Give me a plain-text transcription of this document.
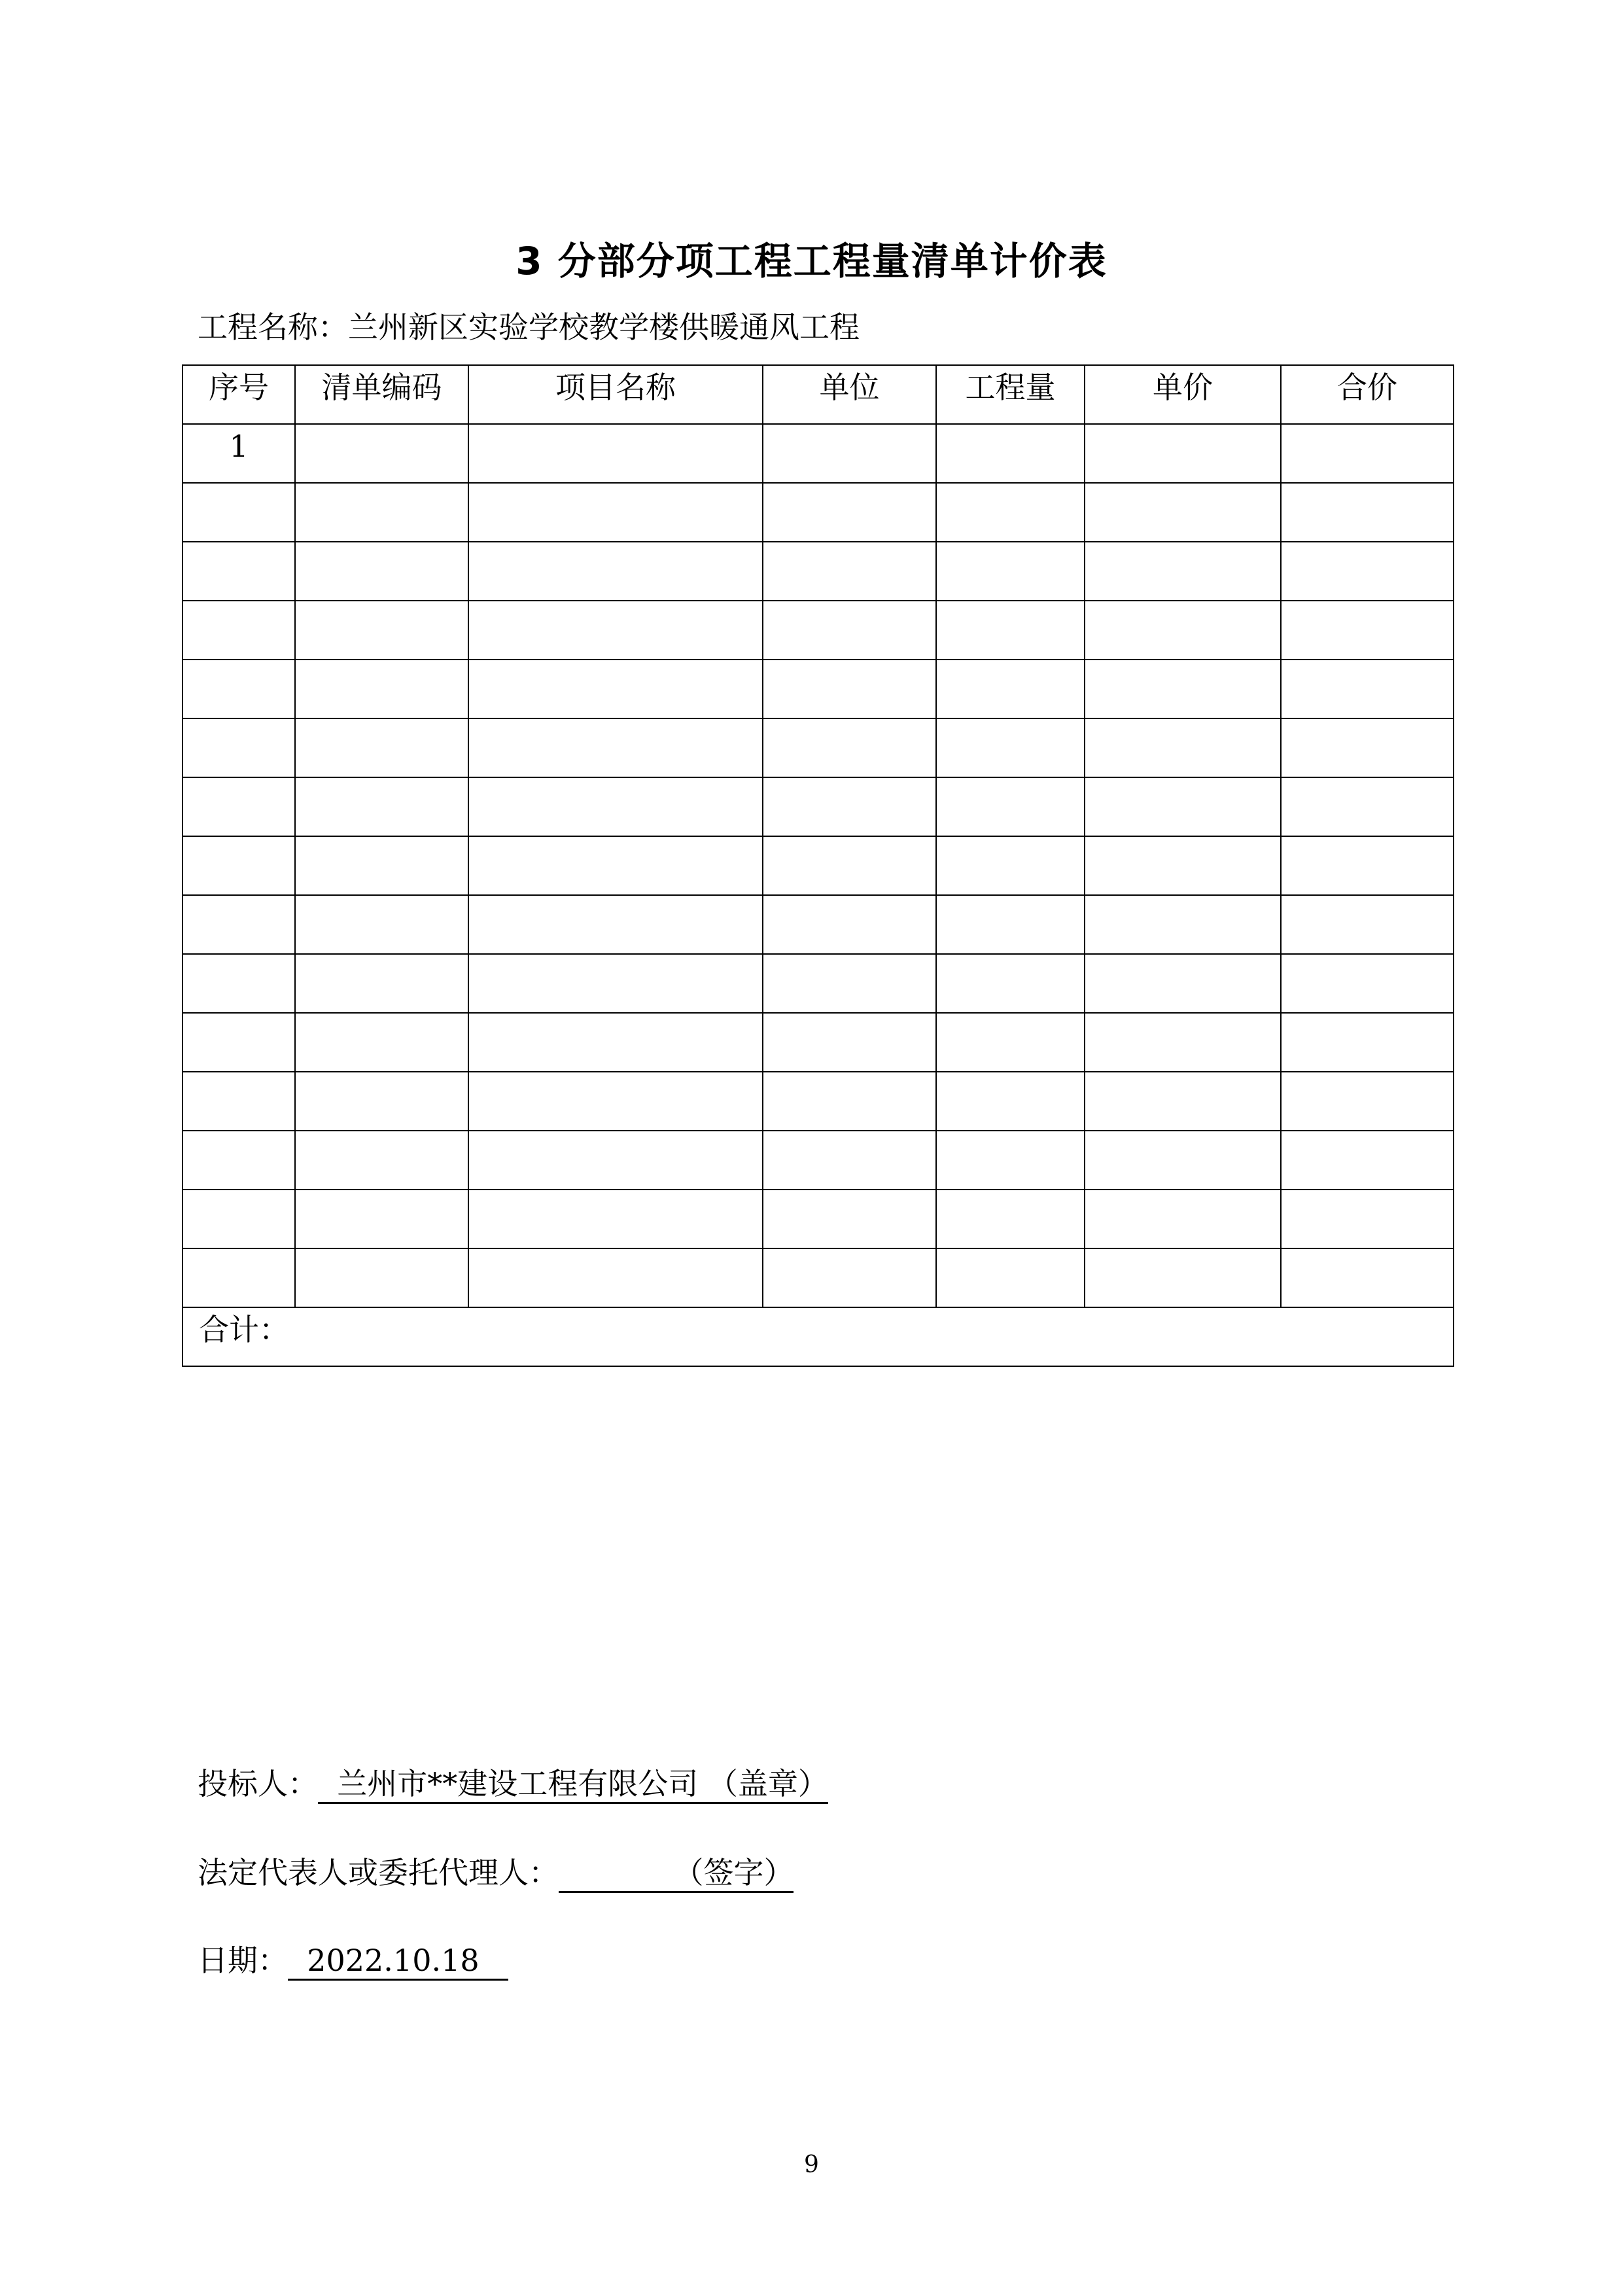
3 分部分项工程工程量清单计价表
工程名称：兰州新区实验学校教学楼供暖通风工程
序号	清单编码	项目名称	单位	工程量	单价	合价
1						

合计：						
投标人：  兰州市**建设工程有限公司 （盖章）
法定代表人或委托代理人：            （签字）
日期：  2022.10.18
9
